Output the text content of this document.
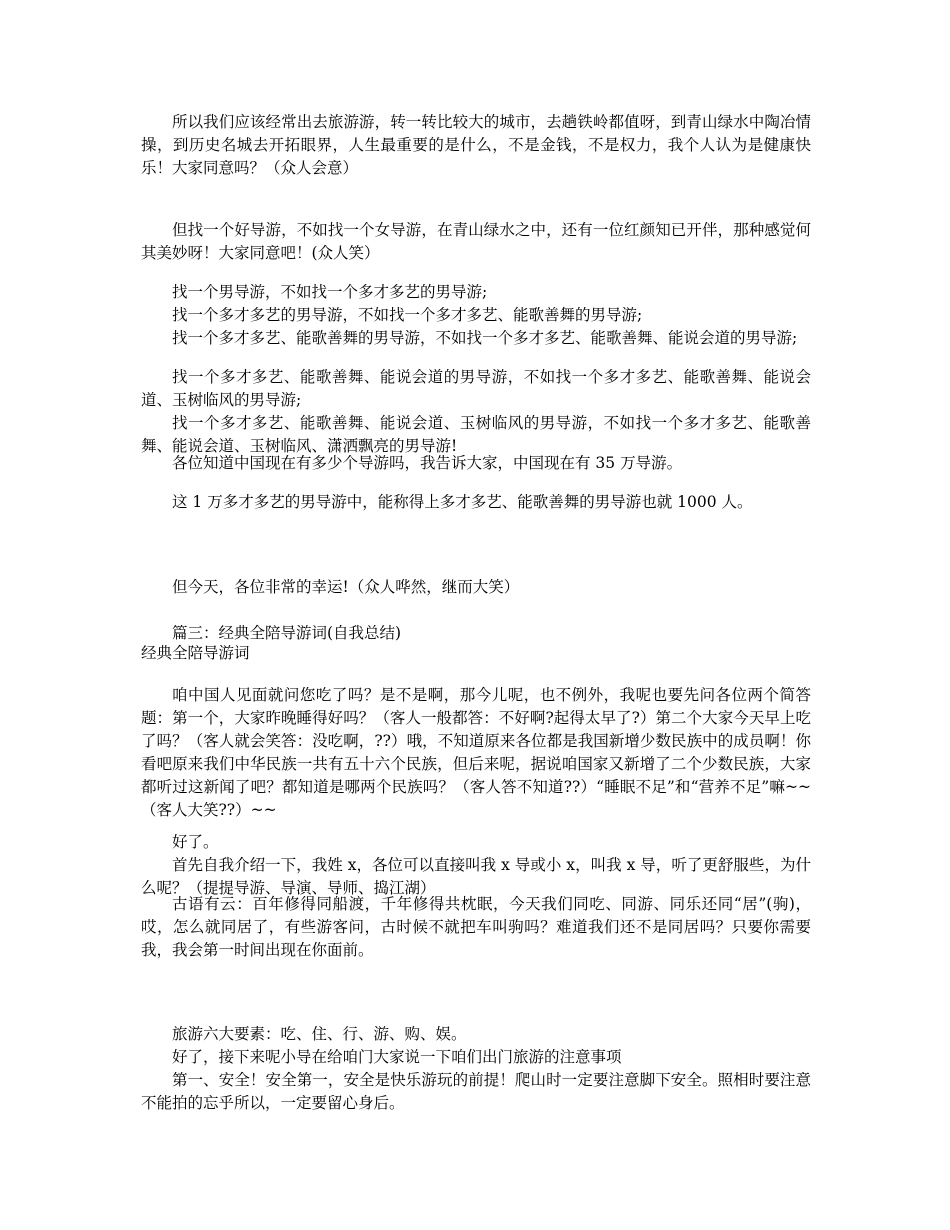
所以我们应该经常出去旅游游，转一转比较大的城市，去趟铁岭都值呀，到青山绿水中陶冶情操，到历史名城去开拓眼界，人生最重要的是什么，不是金钱，不是权力，我个人认为是健康快乐！大家同意吗？（众人会意）

但找一个好导游，不如找一个女导游，在青山绿水之中，还有一位红颜知已开伴，那种感觉何其美妙呀！大家同意吧！(众人笑）

找一个男导游，不如找一个多才多艺的男导游;

找一个多才多艺的男导游，不如找一个多才多艺、能歌善舞的男导游;

找一个多才多艺、能歌善舞的男导游，不如找一个多才多艺、能歌善舞、能说会道的男导游;

找一个多才多艺、能歌善舞、能说会道的男导游，不如找一个多才多艺、能歌善舞、能说会道、玉树临风的男导游;

找一个多才多艺、能歌善舞、能说会道、玉树临风的男导游，不如找一个多才多艺、能歌善舞、能说会道、玉树临风、潇洒飘亮的男导游!

各位知道中国现在有多少个导游吗，我告诉大家，中国现在有 35 万导游。

这 1 万多才多艺的男导游中，能称得上多才多艺、能歌善舞的男导游也就 1000 人。

但今天，各位非常的幸运!（众人哗然，继而大笑）

篇三：经典全陪导游词(自我总结)

经典全陪导游词

咱中国人见面就问您吃了吗？是不是啊，那今儿呢，也不例外，我呢也要先问各位两个简答题：第一个，大家昨晚睡得好吗？（客人一般都答：不好啊?起得太早了?）第二个大家今天早上吃了吗？（客人就会笑答：没吃啊，??）哦，不知道原来各位都是我国新增少数民族中的成员啊！你看吧原来我们中华民族一共有五十六个民族，但后来呢，据说咱国家又新增了二个少数民族，大家都听过这新闻了吧？都知道是哪两个民族吗？（客人答不知道??）“睡眠不足”和“营养不足”嘛~~（客人大笑??）~~

好了。

首先自我介绍一下，我姓 x，各位可以直接叫我 x 导或小 x，叫我 x 导，听了更舒服些，为什么呢？（提提导游、导演、导师、捣江湖）

古语有云：百年修得同船渡，千年修得共枕眠，今天我们同吃、同游、同乐还同“居”(驹)，哎，怎么就同居了，有些游客问，古时候不就把车叫驹吗？难道我们还不是同居吗？只要你需要我，我会第一时间出现在你面前。

旅游六大要素：吃、住、行、游、购、娱。

好了，接下来呢小导在给咱门大家说一下咱们出门旅游的注意事项

第一、安全！安全第一，安全是快乐游玩的前提！爬山时一定要注意脚下安全。照相时要注意不能拍的忘乎所以，一定要留心身后。
